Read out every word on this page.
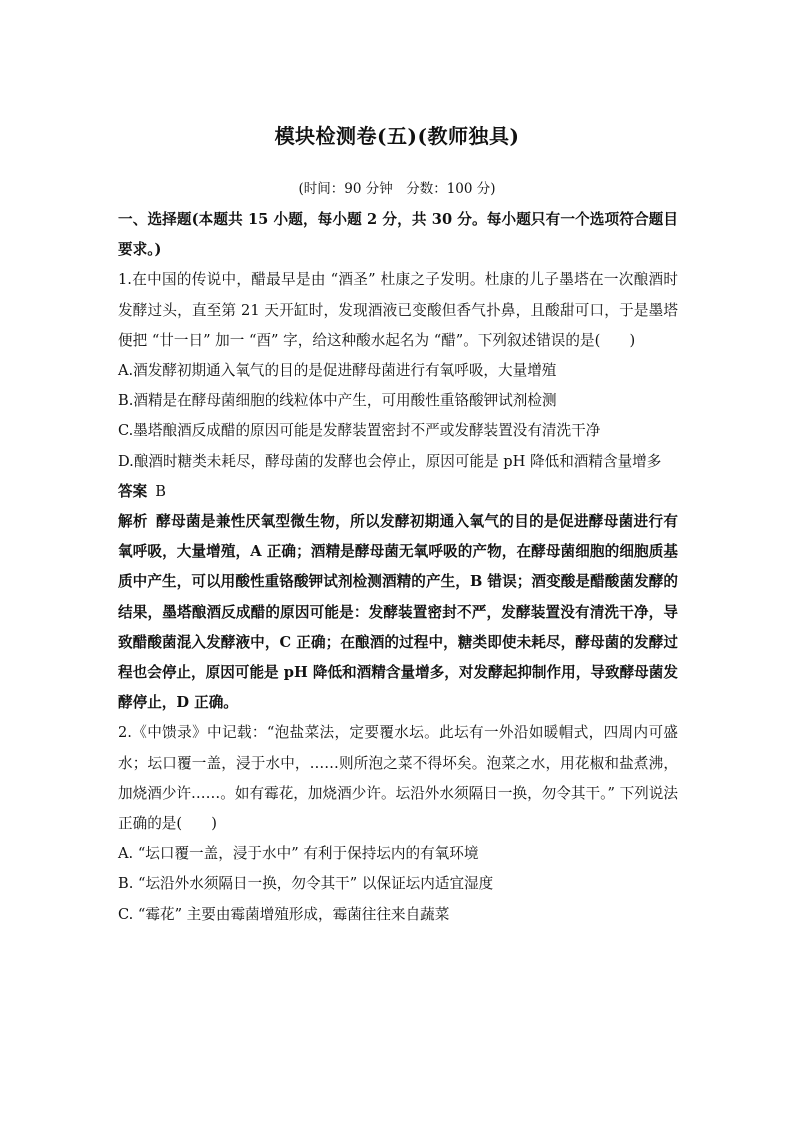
模块检测卷(五)(教师独具)
(时间：90 分钟　分数：100 分)

一、选择题(本题共 15 小题，每小题 2 分，共 30 分。每小题只有一个选项符合题目要求。)

1.在中国的传说中，醋最早是由 “酒圣” 杜康之子发明。杜康的儿子墨塔在一次酿酒时发酵过头，直至第 21 天开缸时，发现酒液已变酸但香气扑鼻，且酸甜可口，于是墨塔便把 “廿一日” 加一 “酉” 字，给这种酸水起名为 “醋”。下列叙述错误的是(　　)

A.酒发酵初期通入氧气的目的是促进酵母菌进行有氧呼吸，大量增殖

B.酒精是在酵母菌细胞的线粒体中产生，可用酸性重铬酸钾试剂检测

C.墨塔酿酒反成醋的原因可能是发酵装置密封不严或发酵装置没有清洗干净

D.酿酒时糖类未耗尽，酵母菌的发酵也会停止，原因可能是 pH 降低和酒精含量增多

答案 B

解析 酵母菌是兼性厌氧型微生物，所以发酵初期通入氧气的目的是促进酵母菌进行有氧呼吸，大量增殖，A 正确；酒精是酵母菌无氧呼吸的产物，在酵母菌细胞的细胞质基质中产生，可以用酸性重铬酸钾试剂检测酒精的产生，B 错误；酒变酸是醋酸菌发酵的结果，墨塔酿酒反成醋的原因可能是：发酵装置密封不严，发酵装置没有清洗干净，导致醋酸菌混入发酵液中，C 正确；在酿酒的过程中，糖类即使未耗尽，酵母菌的发酵过程也会停止，原因可能是 pH 降低和酒精含量增多，对发酵起抑制作用，导致酵母菌发酵停止，D 正确。

2.《中馈录》中记载：“泡盐菜法，定要覆水坛。此坛有一外沿如暖帽式，四周内可盛水；坛口覆一盖，浸于水中，……则所泡之菜不得坏矣。泡菜之水，用花椒和盐煮沸，加烧酒少许……。如有霉花，加烧酒少许。坛沿外水须隔日一换，勿令其干。” 下列说法正确的是(　　)

A. “坛口覆一盖，浸于水中” 有利于保持坛内的有氧环境

B. “坛沿外水须隔日一换，勿令其干” 以保证坛内适宜湿度

C. “霉花” 主要由霉菌增殖形成，霉菌往往来自蔬菜
